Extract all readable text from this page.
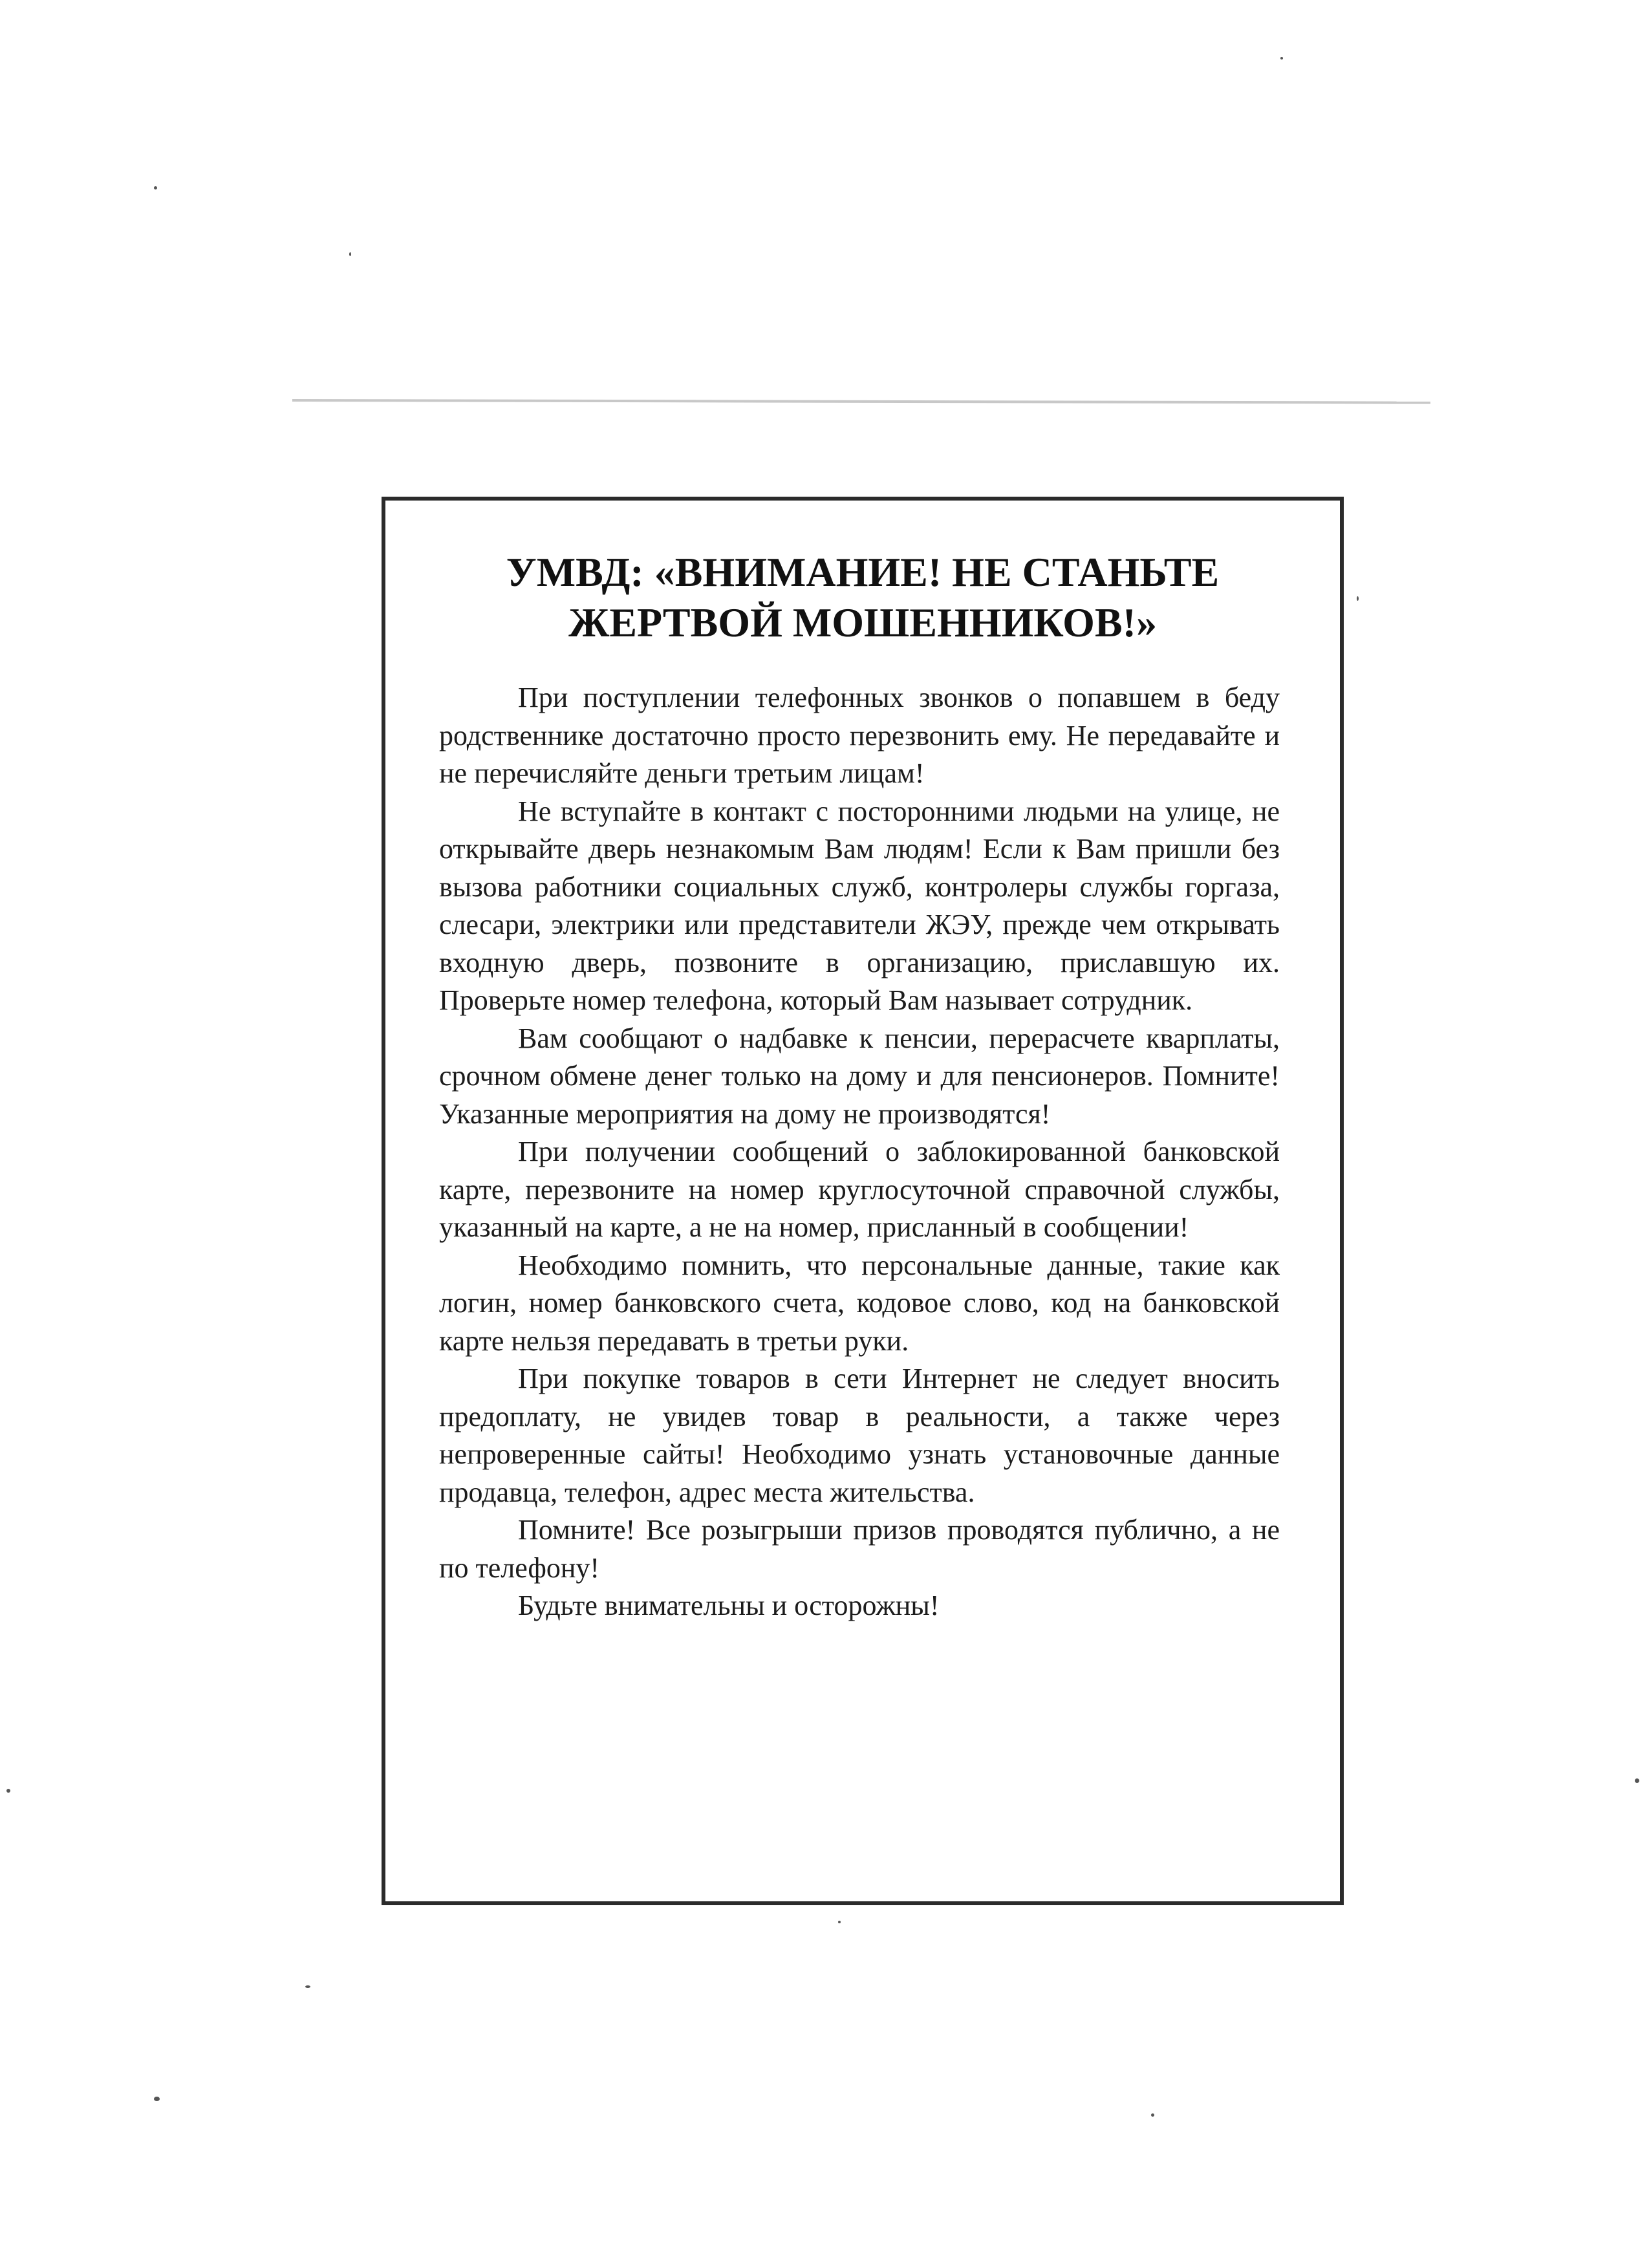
УМВД: «ВНИМАНИЕ! НЕ СТАНЬТЕ
ЖЕРТВОЙ МОШЕННИКОВ!»

При поступлении телефонных звонков о попавшем в беду родственнике достаточно просто перезвонить ему. Не передавайте и не перечисляйте деньги третьим лицам!

Не вступайте в контакт с посторонними людьми на улице, не открывайте дверь незнакомым Вам людям! Если к Вам пришли без вызова работники социальных служб, контролеры службы горгаза, слесари, электрики или представители ЖЭУ, прежде чем открывать входную дверь, позвоните в организацию, приславшую их. Проверьте номер телефона, который Вам называет сотрудник.

Вам сообщают о надбавке к пенсии, перерасчете кварплаты, срочном обмене денег только на дому и для пенсионеров. Помните! Указанные мероприятия на дому не производятся!

При получении сообщений о заблокированной банковской карте, перезвоните на номер круглосуточной справочной службы, указанный на карте, а не на номер, присланный в сообщении!

Необходимо помнить, что персональные данные, такие как логин, номер банковского счета, кодовое слово, код на банковской карте нельзя передавать в третьи руки.

При покупке товаров в сети Интернет не следует вносить предоплату, не увидев товар в реальности, а также через непроверенные сайты! Необходимо узнать установочные данные продавца, телефон, адрес места жительства.

Помните! Все розыгрыши призов проводятся публично, а не по телефону!

Будьте внимательны и осторожны!
